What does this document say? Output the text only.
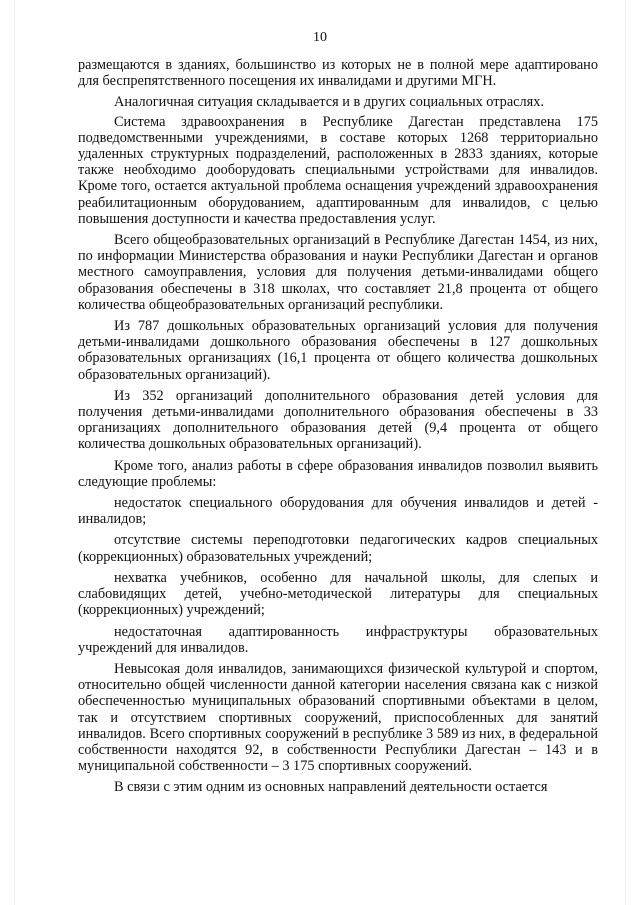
10

размещаются в зданиях, большинство из которых не в полной мере адаптировано для беспрепятственного посещения их инвалидами и другими МГН.

Аналогичная ситуация складывается и в других социальных отраслях.

Система здравоохранения в Республике Дагестан представлена 175 подведомственными учреждениями, в составе которых 1268 территориально удаленных структурных подразделений, расположенных в 2833 зданиях, которые также необходимо дооборудовать специальными устройствами для инвалидов. Кроме того, остается актуальной проблема оснащения учреждений здравоохранения реабилитационным оборудованием, адаптированным для инвалидов, с целью повышения доступности и качества предоставления услуг.

Всего общеобразовательных организаций в Республике Дагестан 1454, из них, по информации Министерства образования и науки Республики Дагестан и органов местного самоуправления, условия для получения детьми-инвалидами общего образования обеспечены в 318 школах, что составляет 21,8 процента от общего количества общеобразовательных организаций республики.

Из 787 дошкольных образовательных организаций условия для получения детьми-инвалидами дошкольного образования обеспечены в 127 дошкольных образовательных организациях (16,1 процента от общего количества дошкольных образовательных организаций).

Из 352 организаций дополнительного образования детей условия для получения детьми-инвалидами дополнительного образования обеспечены в 33 организациях дополнительного образования детей (9,4 процента от общего количества дошкольных образовательных организаций).

Кроме того, анализ работы в сфере образования инвалидов позволил выявить следующие проблемы:

недостаток специального оборудования для обучения инвалидов и детей - инвалидов;

отсутствие системы переподготовки педагогических кадров специальных (коррекционных) образовательных учреждений;

нехватка учебников, особенно для начальной школы, для слепых и слабовидящих детей, учебно-методической литературы для специальных (коррекционных) учреждений;

недостаточная адаптированность инфраструктуры образовательных учреждений для инвалидов.

Невысокая доля инвалидов, занимающихся физической культурой и спортом, относительно общей численности данной категории населения связана как с низкой обеспеченностью муниципальных образований спортивными объектами в целом, так и отсутствием спортивных сооружений, приспособленных для занятий инвалидов. Всего спортивных сооружений в республике 3 589 из них, в федеральной собственности находятся 92, в собственности Республики Дагестан – 143 и в муниципальной собственности – 3 175 спортивных сооружений.

В связи с этим одним из основных направлений деятельности остается
